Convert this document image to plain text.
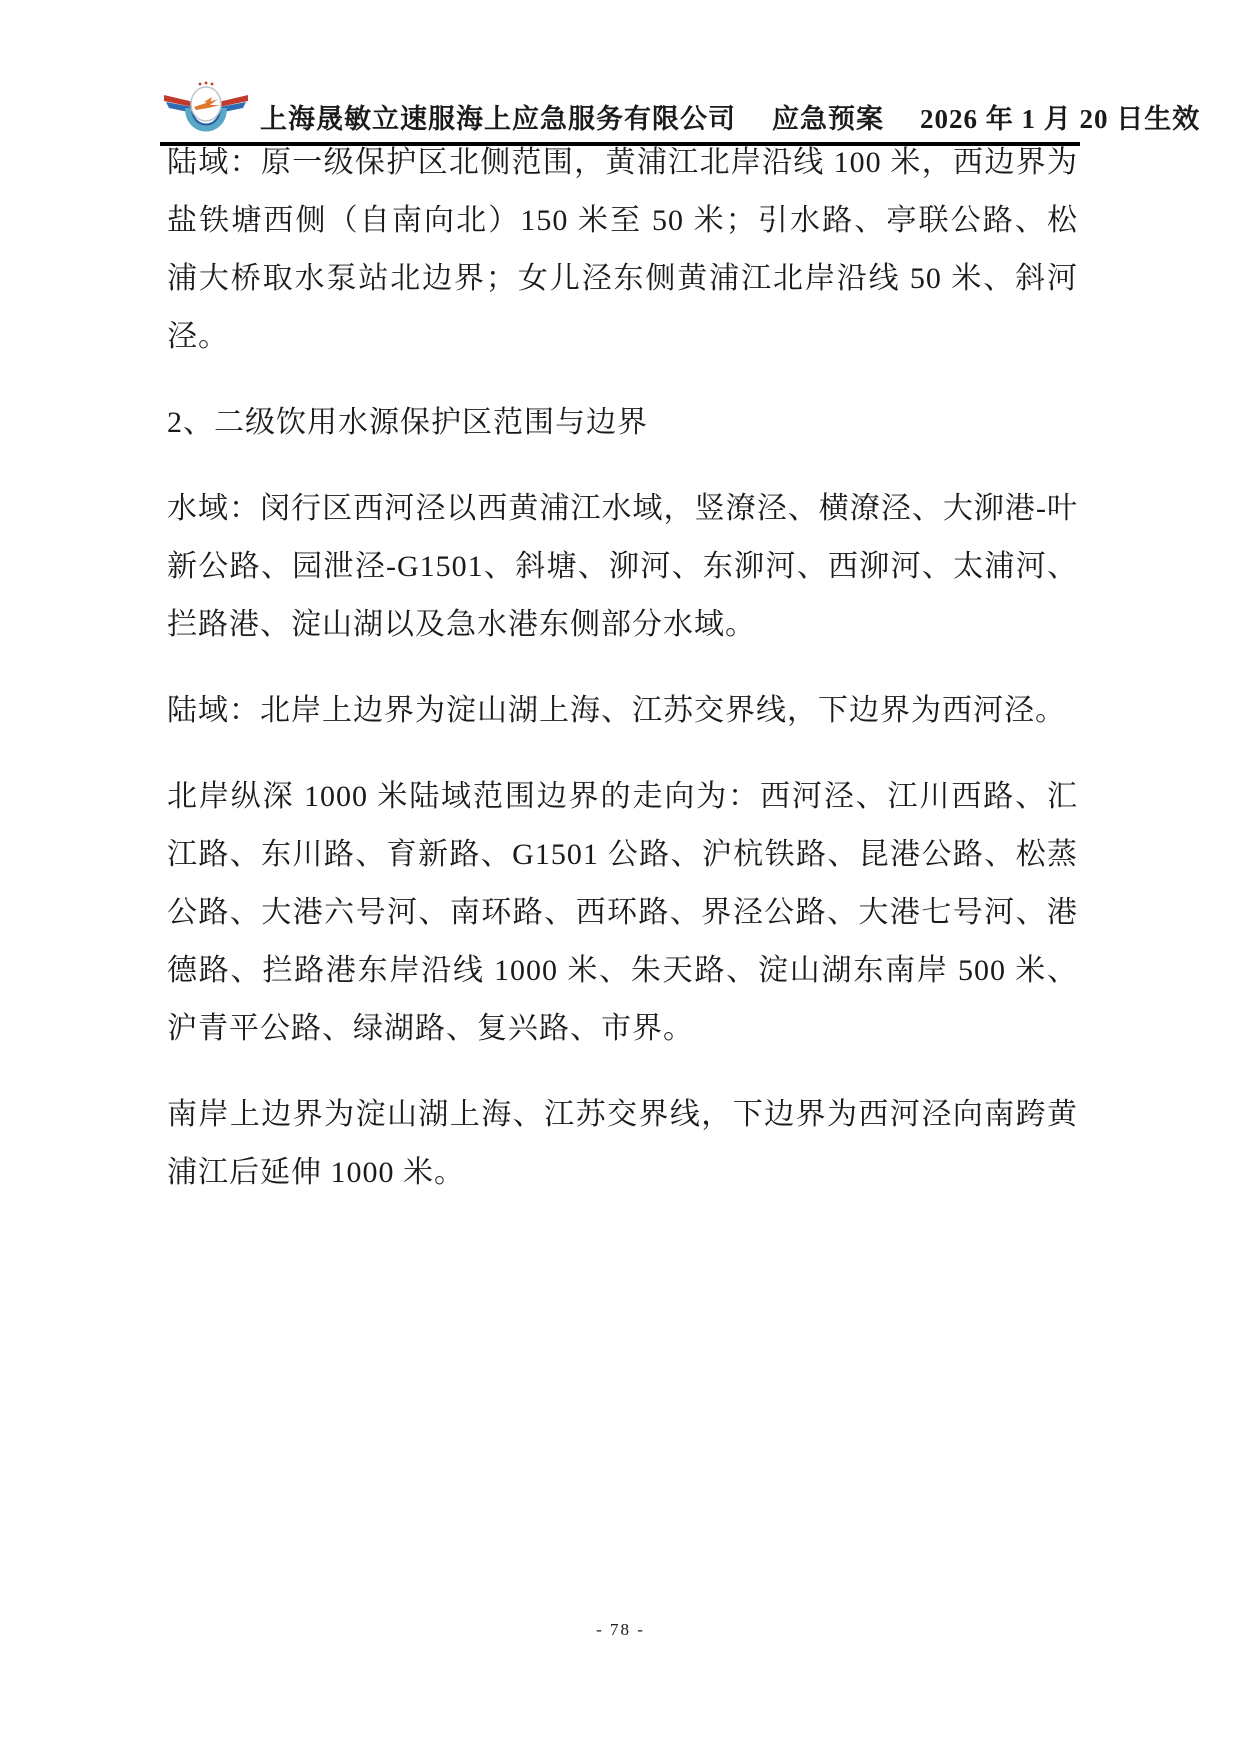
上海晟敏立速服海上应急服务有限公司 应急预案 2026 年 1 月 20 日生效

陆域：原一级保护区北侧范围，黄浦江北岸沿线 100 米，西边界为盐铁塘西侧（自南向北）150 米至 50 米；引水路、亭联公路、松浦大桥取水泵站北边界；女儿泾东侧黄浦江北岸沿线 50 米、斜河泾。

2、二级饮用水源保护区范围与边界

水域：闵行区西河泾以西黄浦江水域，竖潦泾、横潦泾、大泖港-叶新公路、园泄泾-G1501、斜塘、泖河、东泖河、西泖河、太浦河、拦路港、淀山湖以及急水港东侧部分水域。

陆域：北岸上边界为淀山湖上海、江苏交界线，下边界为西河泾。

北岸纵深 1000 米陆域范围边界的走向为：西河泾、江川西路、汇江路、东川路、育新路、G1501 公路、沪杭铁路、昆港公路、松蒸公路、大港六号河、南环路、西环路、界泾公路、大港七号河、港德路、拦路港东岸沿线 1000 米、朱天路、淀山湖东南岸 500 米、沪青平公路、绿湖路、复兴路、市界。

南岸上边界为淀山湖上海、江苏交界线，下边界为西河泾向南跨黄浦江后延伸 1000 米。

- 78 -
